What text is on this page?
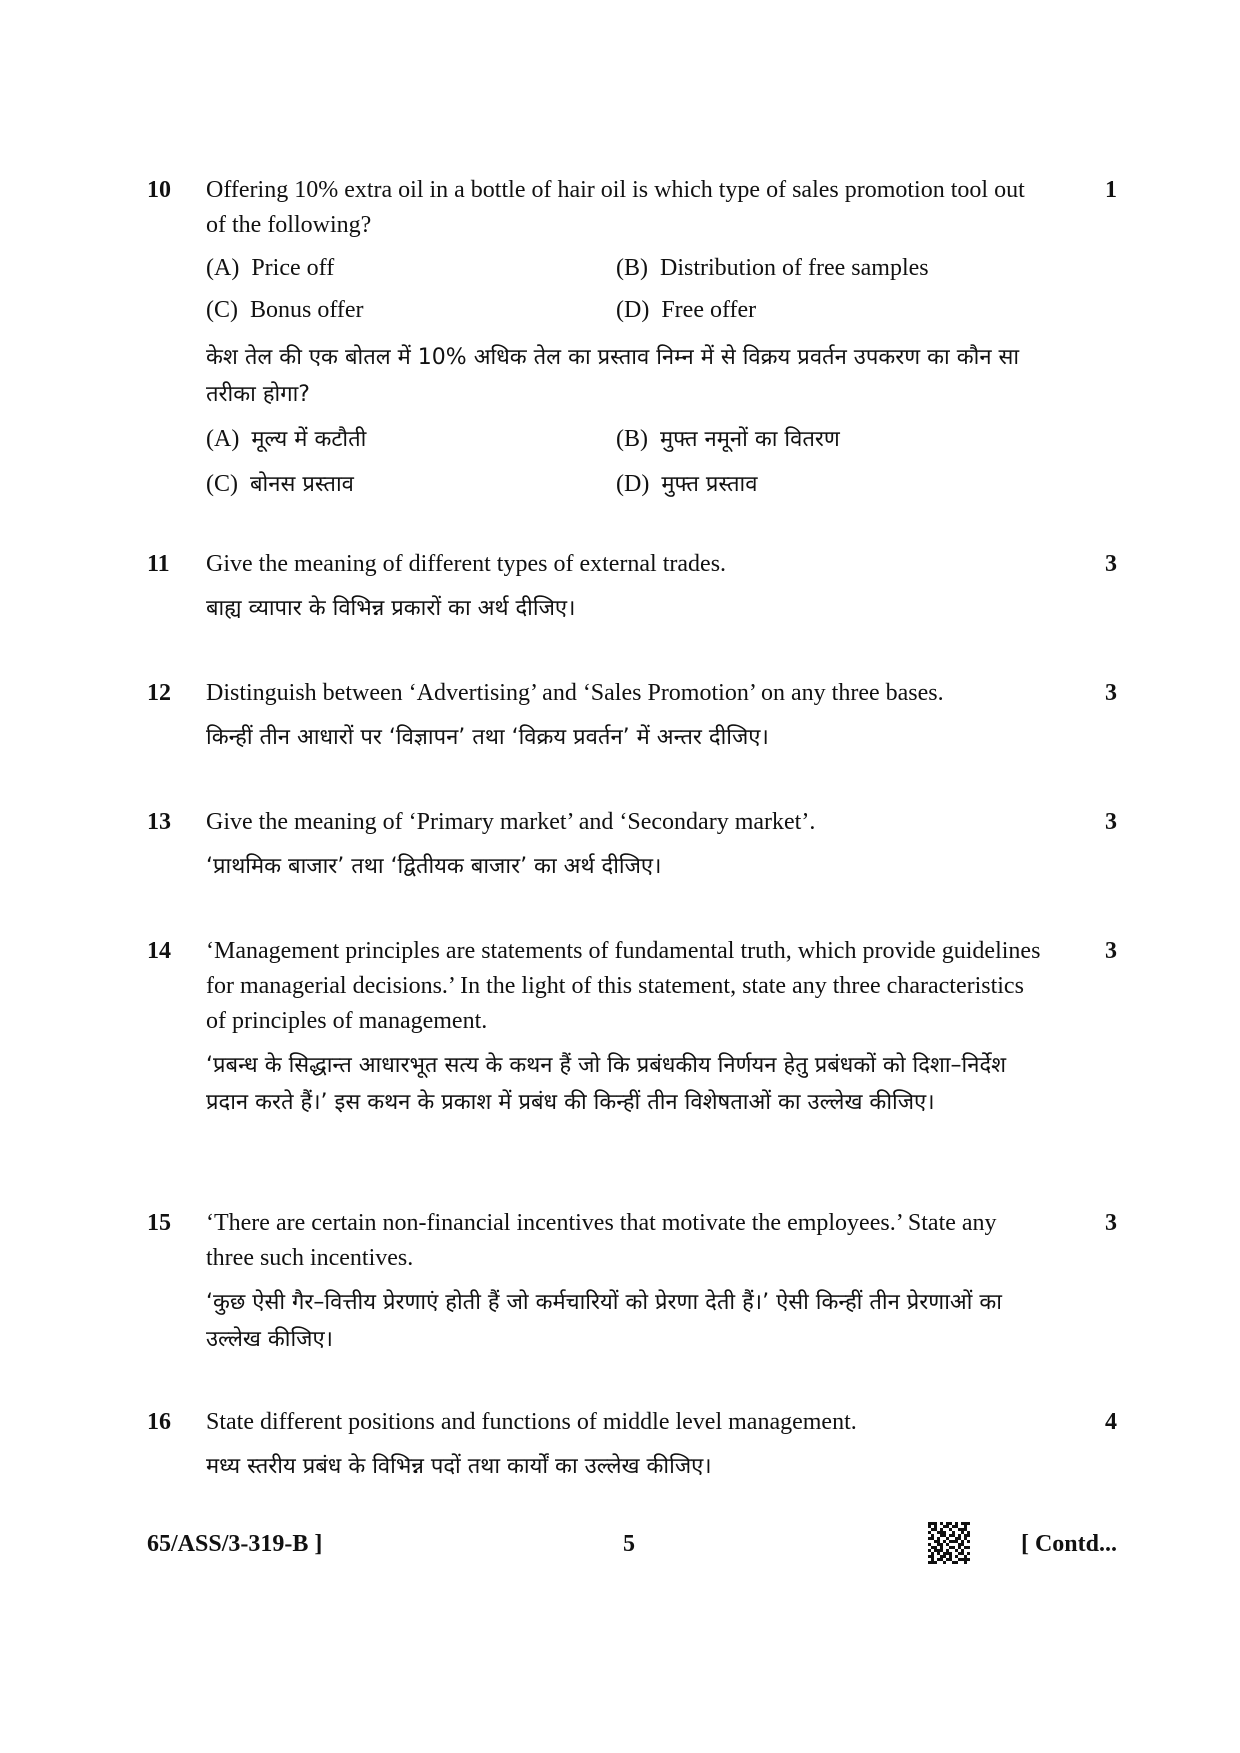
10	1

Offering 10% extra oil in a bottle of hair oil is which type of sales promotion tool out of the following?

(A) Price off	(B) Distribution of free samples
(C) Bonus offer	(D) Free offer

केश तेल की एक बोतल में 10% अधिक तेल का प्रस्ताव निम्न में से विक्रय प्रवर्तन उपकरण का कौन सा तरीका होगा?

(A) मूल्य में कटौती	(B) मुफ्त नमूनों का वितरण
(C) बोनस प्रस्ताव	(D) मुफ्त प्रस्ताव
11	3

Give the meaning of different types of external trades.

बाह्य व्यापार के विभिन्न प्रकारों का अर्थ दीजिए।

12	3

Distinguish between ‘Advertising’ and ‘Sales Promotion’ on any three bases.

किन्हीं तीन आधारों पर ‘विज्ञापन’ तथा ‘विक्रय प्रवर्तन’ में अन्तर दीजिए।

13	3

Give the meaning of ‘Primary market’ and ‘Secondary market’.

‘प्राथमिक बाजार’ तथा ‘द्वितीयक बाजार’ का अर्थ दीजिए।

14	3

‘Management principles are statements of fundamental truth, which provide guidelines for managerial decisions.’ In the light of this statement, state any three characteristics of principles of management.

‘प्रबन्ध के सिद्धान्त आधारभूत सत्य के कथन हैं जो कि प्रबंधकीय निर्णयन हेतु प्रबंधकों को दिशा–निर्देश प्रदान करते हैं।’ इस कथन के प्रकाश में प्रबंध की किन्हीं तीन विशेषताओं का उल्लेख कीजिए।

15	3

‘There are certain non-financial incentives that motivate the employees.’ State any three such incentives.

‘कुछ ऐसी गैर–वित्तीय प्रेरणाएं होती हैं जो कर्मचारियों को प्रेरणा देती हैं।’ ऐसी किन्हीं तीन प्रेरणाओं का उल्लेख कीजिए।

16	4

State different positions and functions of middle level management.

मध्य स्तरीय प्रबंध के विभिन्न पदों तथा कार्यों का उल्लेख कीजिए।

65/ASS/3-319-B ]	5	[ Contd...
